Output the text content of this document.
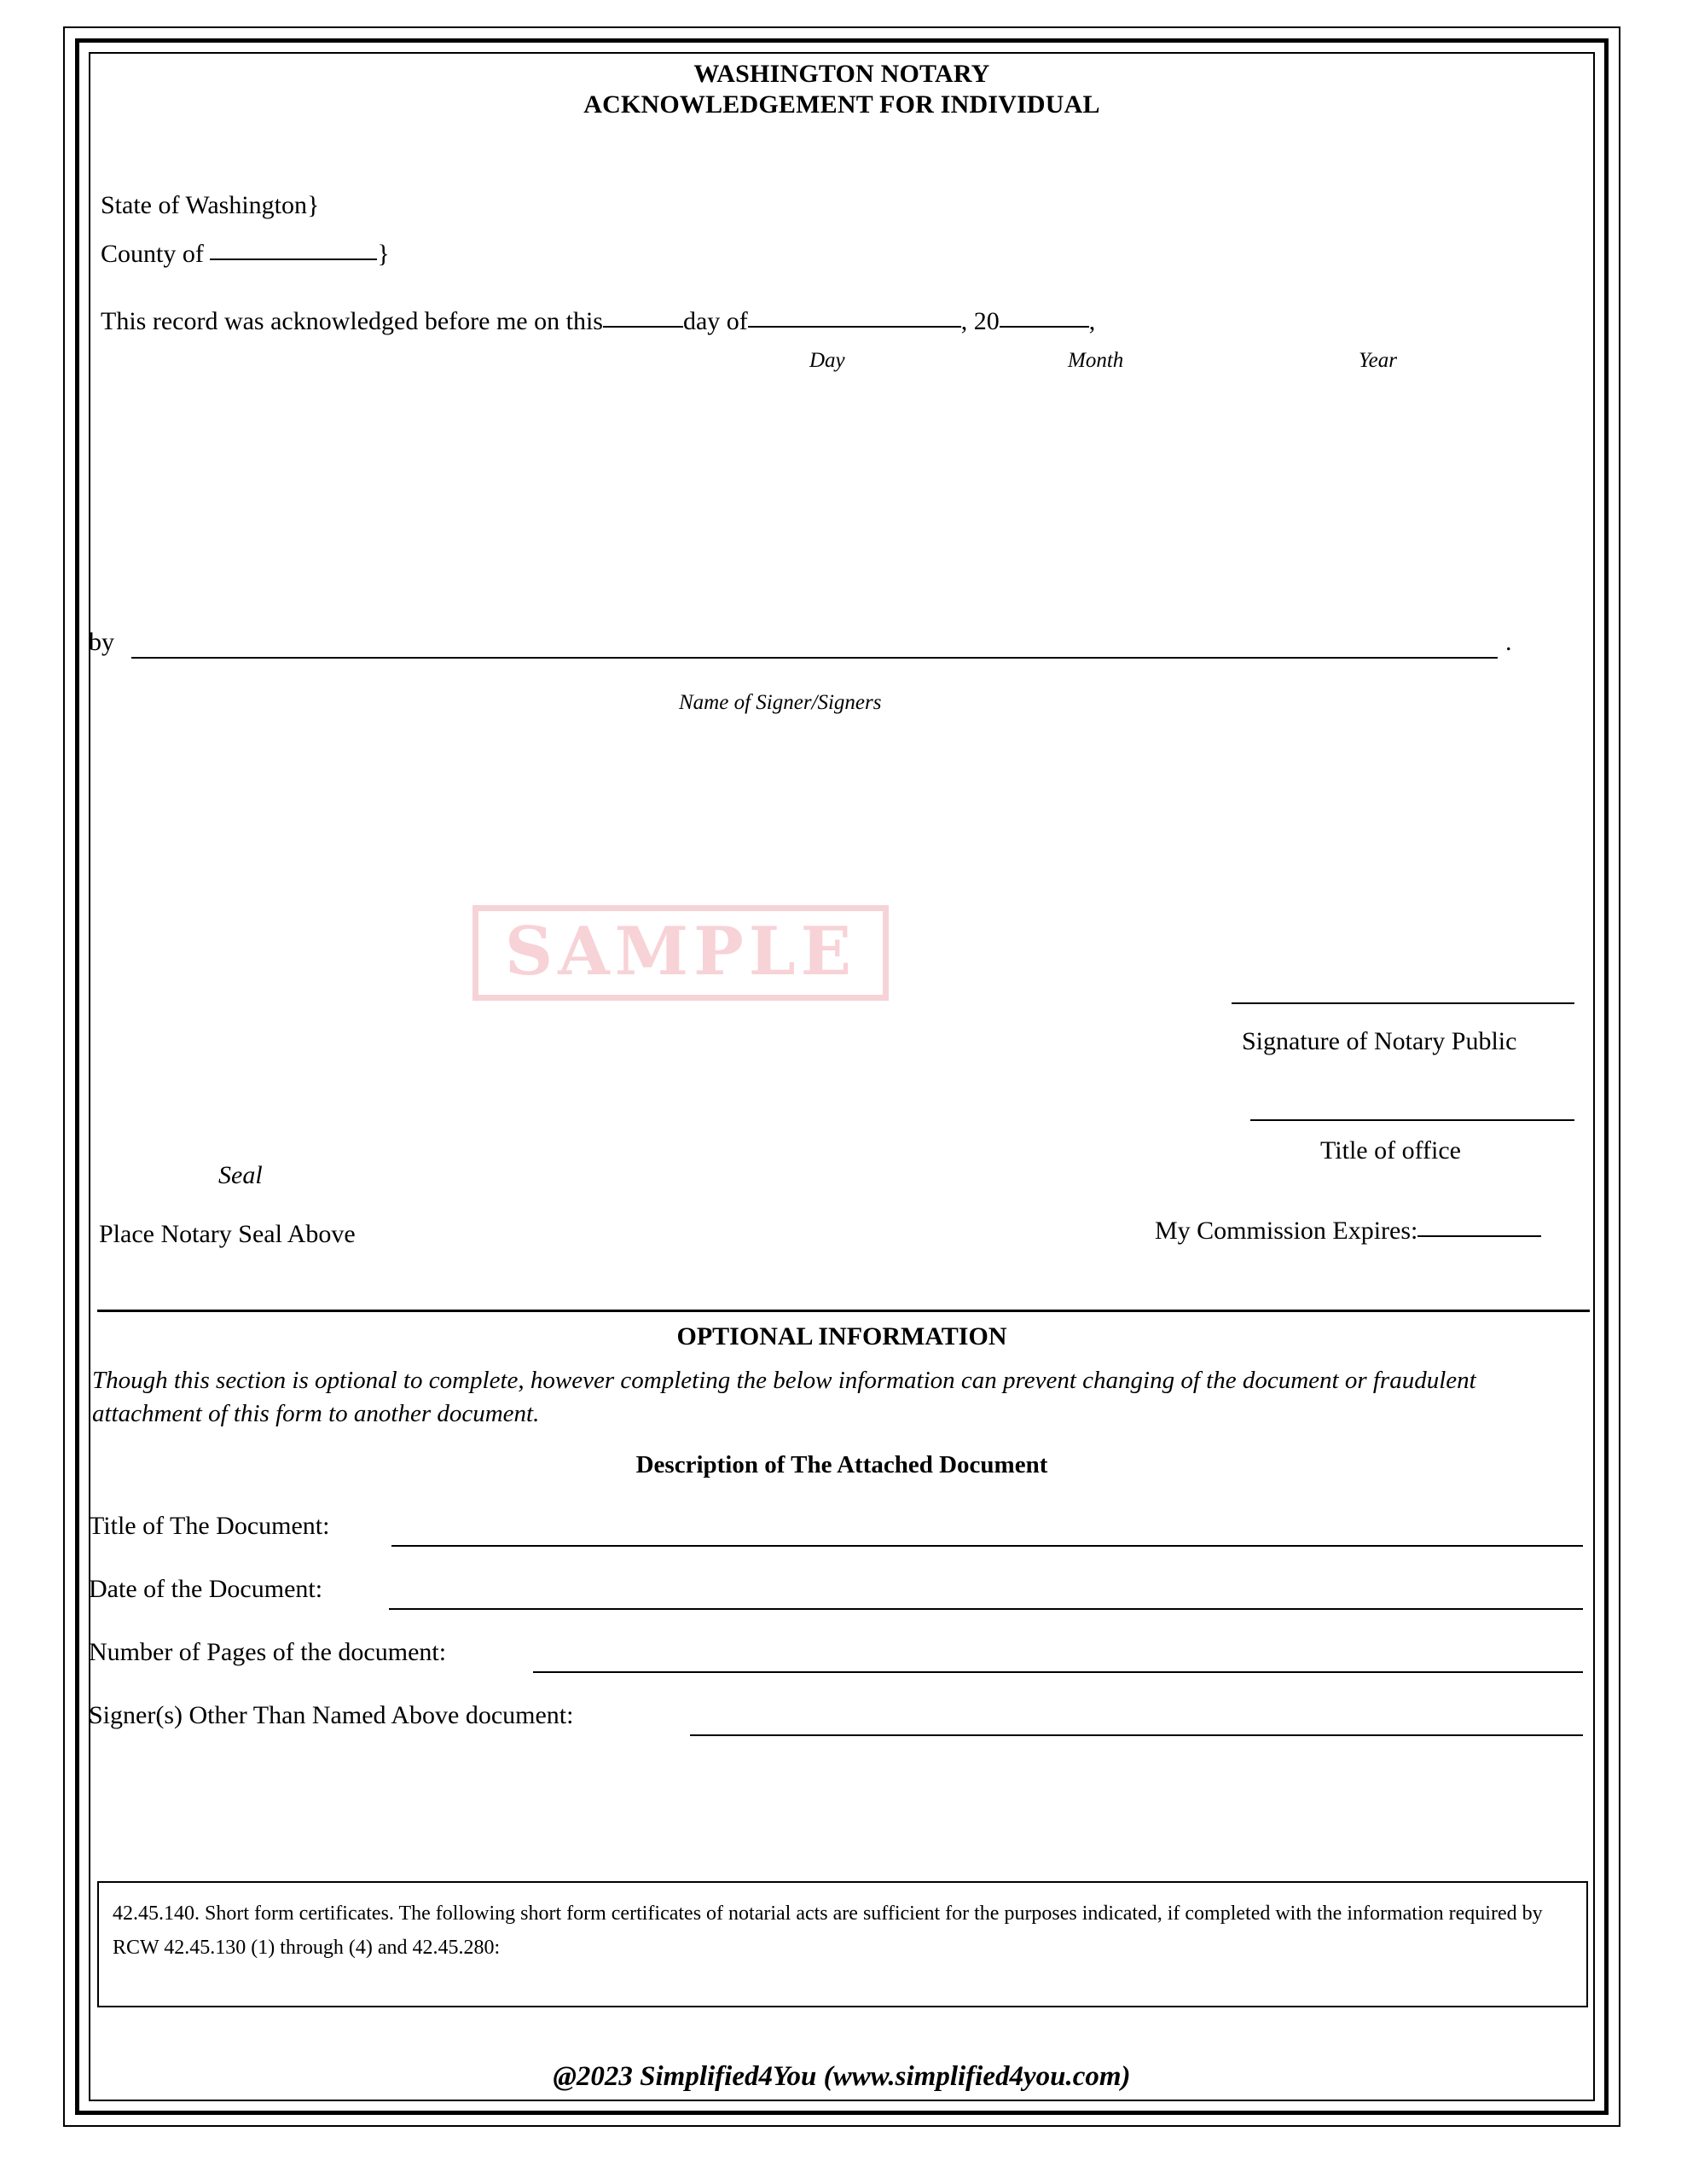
WASHINGTON NOTARY
ACKNOWLEDGEMENT FOR INDIVIDUAL
State of Washington}
County of	}
This record was acknowledged before me on this	day of	, 20	,
Day	Month	Year
by	.
Name of Signer/Signers
SAMPLE
Signature of Notary Public
Title of office
Seal
Place Notary Seal Above	My Commission Expires:
OPTIONAL INFORMATION
Though this section is optional to complete, however completing the below information can prevent changing of the document or fraudulent attachment of this form to another document.
Description of The Attached Document
Title of The Document:
Date of the Document:
Number of Pages of the document:
Signer(s) Other Than Named Above document:
42.45.140. Short form certificates. The following short form certificates of notarial acts are sufficient for the purposes indicated, if completed with the information required by RCW 42.45.130 (1) through (4) and 42.45.280:
@2023 Simplified4You (www.simplified4you.com)
